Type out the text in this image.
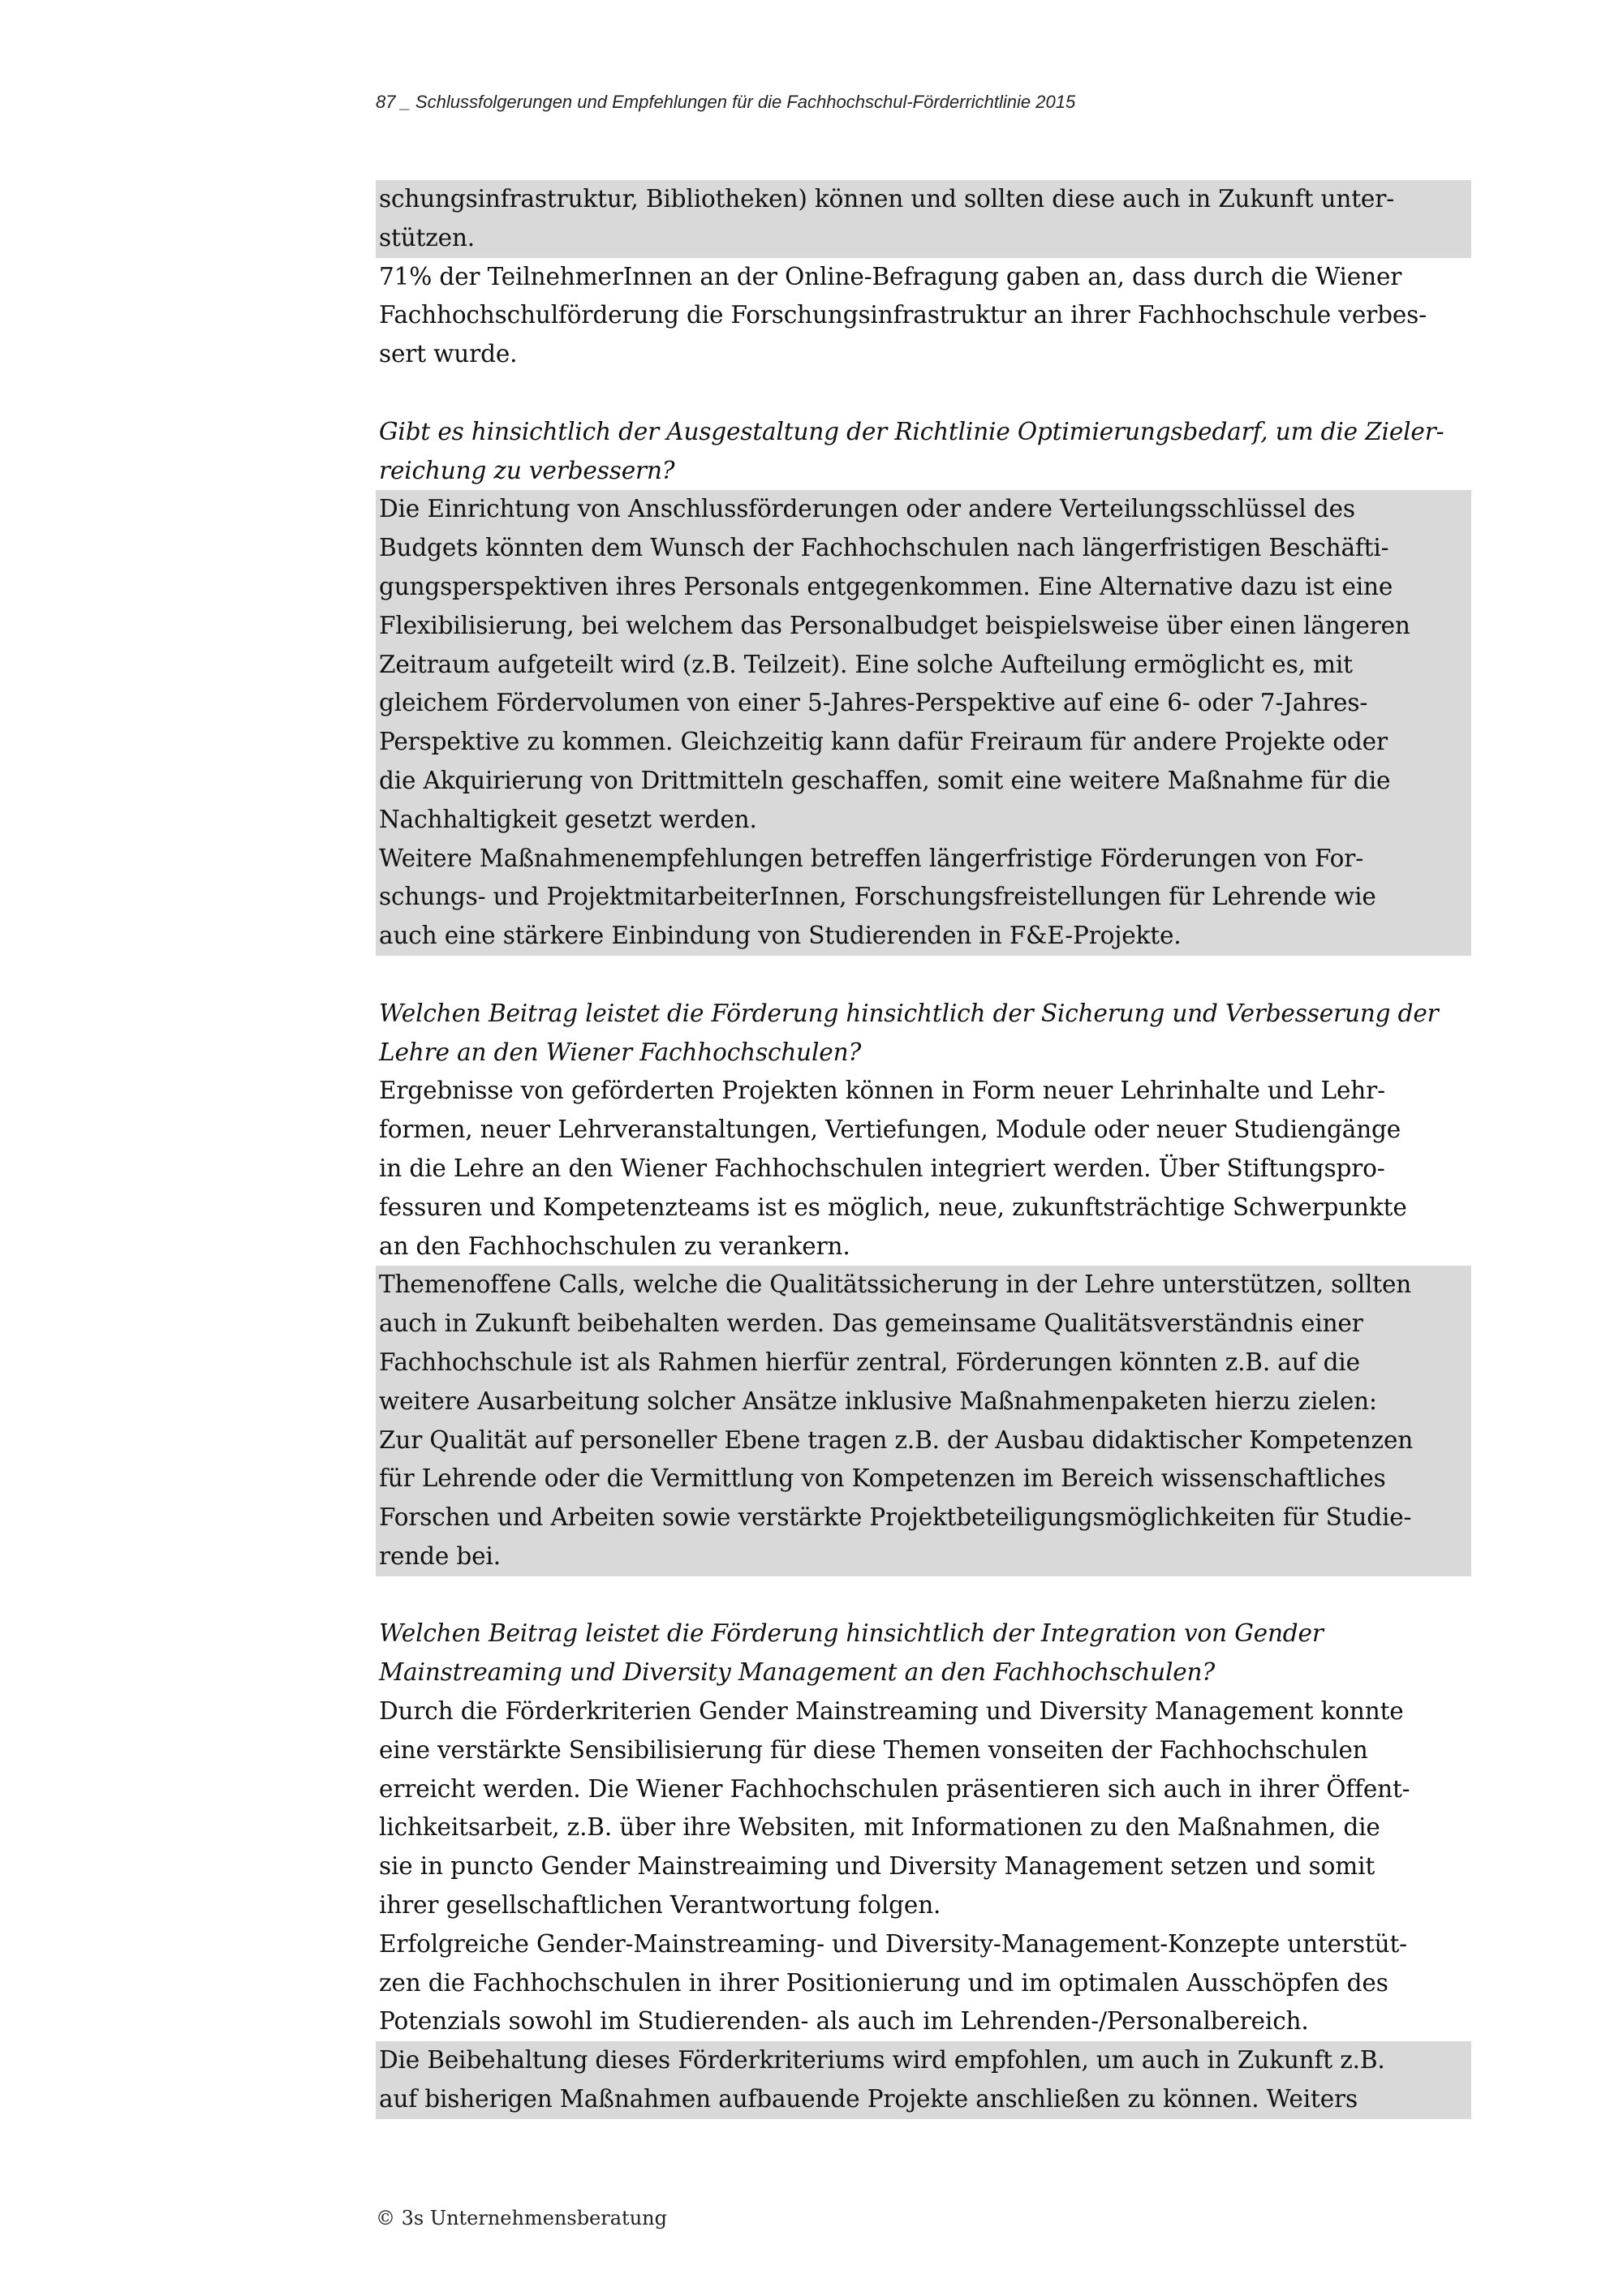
87 _ Schlussfolgerungen und Empfehlungen für die Fachhochschul-Förderrichtlinie 2015

schungsinfrastruktur, Bibliotheken) können und sollten diese auch in Zukunft unter-
stützen.

71% der TeilnehmerInnen an der Online-Befragung gaben an, dass durch die Wiener
Fachhochschulförderung die Forschungsinfrastruktur an ihrer Fachhochschule verbes-
sert wurde.

Gibt es hinsichtlich der Ausgestaltung der Richtlinie Optimierungsbedarf, um die Zieler-
reichung zu verbessern?

Die Einrichtung von Anschlussförderungen oder andere Verteilungsschlüssel des
Budgets könnten dem Wunsch der Fachhochschulen nach längerfristigen Beschäfti-
gungsperspektiven ihres Personals entgegenkommen. Eine Alternative dazu ist eine
Flexibilisierung, bei welchem das Personalbudget beispielsweise über einen längeren
Zeitraum aufgeteilt wird (z.B. Teilzeit). Eine solche Aufteilung ermöglicht es, mit
gleichem Fördervolumen von einer 5-Jahres-Perspektive auf eine 6- oder 7-Jahres-
Perspektive zu kommen. Gleichzeitig kann dafür Freiraum für andere Projekte oder
die Akquirierung von Drittmitteln geschaffen, somit eine weitere Maßnahme für die
Nachhaltigkeit gesetzt werden.
Weitere Maßnahmenempfehlungen betreffen längerfristige Förderungen von For-
schungs- und ProjektmitarbeiterInnen, Forschungsfreistellungen für Lehrende wie
auch eine stärkere Einbindung von Studierenden in F&E-Projekte.

Welchen Beitrag leistet die Förderung hinsichtlich der Sicherung und Verbesserung der
Lehre an den Wiener Fachhochschulen?

Ergebnisse von geförderten Projekten können in Form neuer Lehrinhalte und Lehr-
formen, neuer Lehrveranstaltungen, Vertiefungen, Module oder neuer Studiengänge
in die Lehre an den Wiener Fachhochschulen integriert werden. Über Stiftungspro-
fessuren und Kompetenzteams ist es möglich, neue, zukunftsträchtige Schwerpunkte
an den Fachhochschulen zu verankern.

Themenoffene Calls, welche die Qualitätssicherung in der Lehre unterstützen, sollten
auch in Zukunft beibehalten werden. Das gemeinsame Qualitätsverständnis einer
Fachhochschule ist als Rahmen hierfür zentral, Förderungen könnten z.B. auf die
weitere Ausarbeitung solcher Ansätze inklusive Maßnahmenpaketen hierzu zielen:
Zur Qualität auf personeller Ebene tragen z.B. der Ausbau didaktischer Kompetenzen
für Lehrende oder die Vermittlung von Kompetenzen im Bereich wissenschaftliches
Forschen und Arbeiten sowie verstärkte Projektbeteiligungsmöglichkeiten für Studie-
rende bei.

Welchen Beitrag leistet die Förderung hinsichtlich der Integration von Gender
Mainstreaming und Diversity Management an den Fachhochschulen?

Durch die Förderkriterien Gender Mainstreaming und Diversity Management konnte
eine verstärkte Sensibilisierung für diese Themen vonseiten der Fachhochschulen
erreicht werden. Die Wiener Fachhochschulen präsentieren sich auch in ihrer Öffent-
lichkeitsarbeit, z.B. über ihre Websiten, mit Informationen zu den Maßnahmen, die
sie in puncto Gender Mainstreaiming und Diversity Management setzen und somit
ihrer gesellschaftlichen Verantwortung folgen.
Erfolgreiche Gender-Mainstreaming- und Diversity-Management-Konzepte unterstüt-
zen die Fachhochschulen in ihrer Positionierung und im optimalen Ausschöpfen des
Potenzials sowohl im Studierenden- als auch im Lehrenden-/Personalbereich.

Die Beibehaltung dieses Förderkriteriums wird empfohlen, um auch in Zukunft z.B.
auf bisherigen Maßnahmen aufbauende Projekte anschließen zu können. Weiters

© 3s Unternehmensberatung
